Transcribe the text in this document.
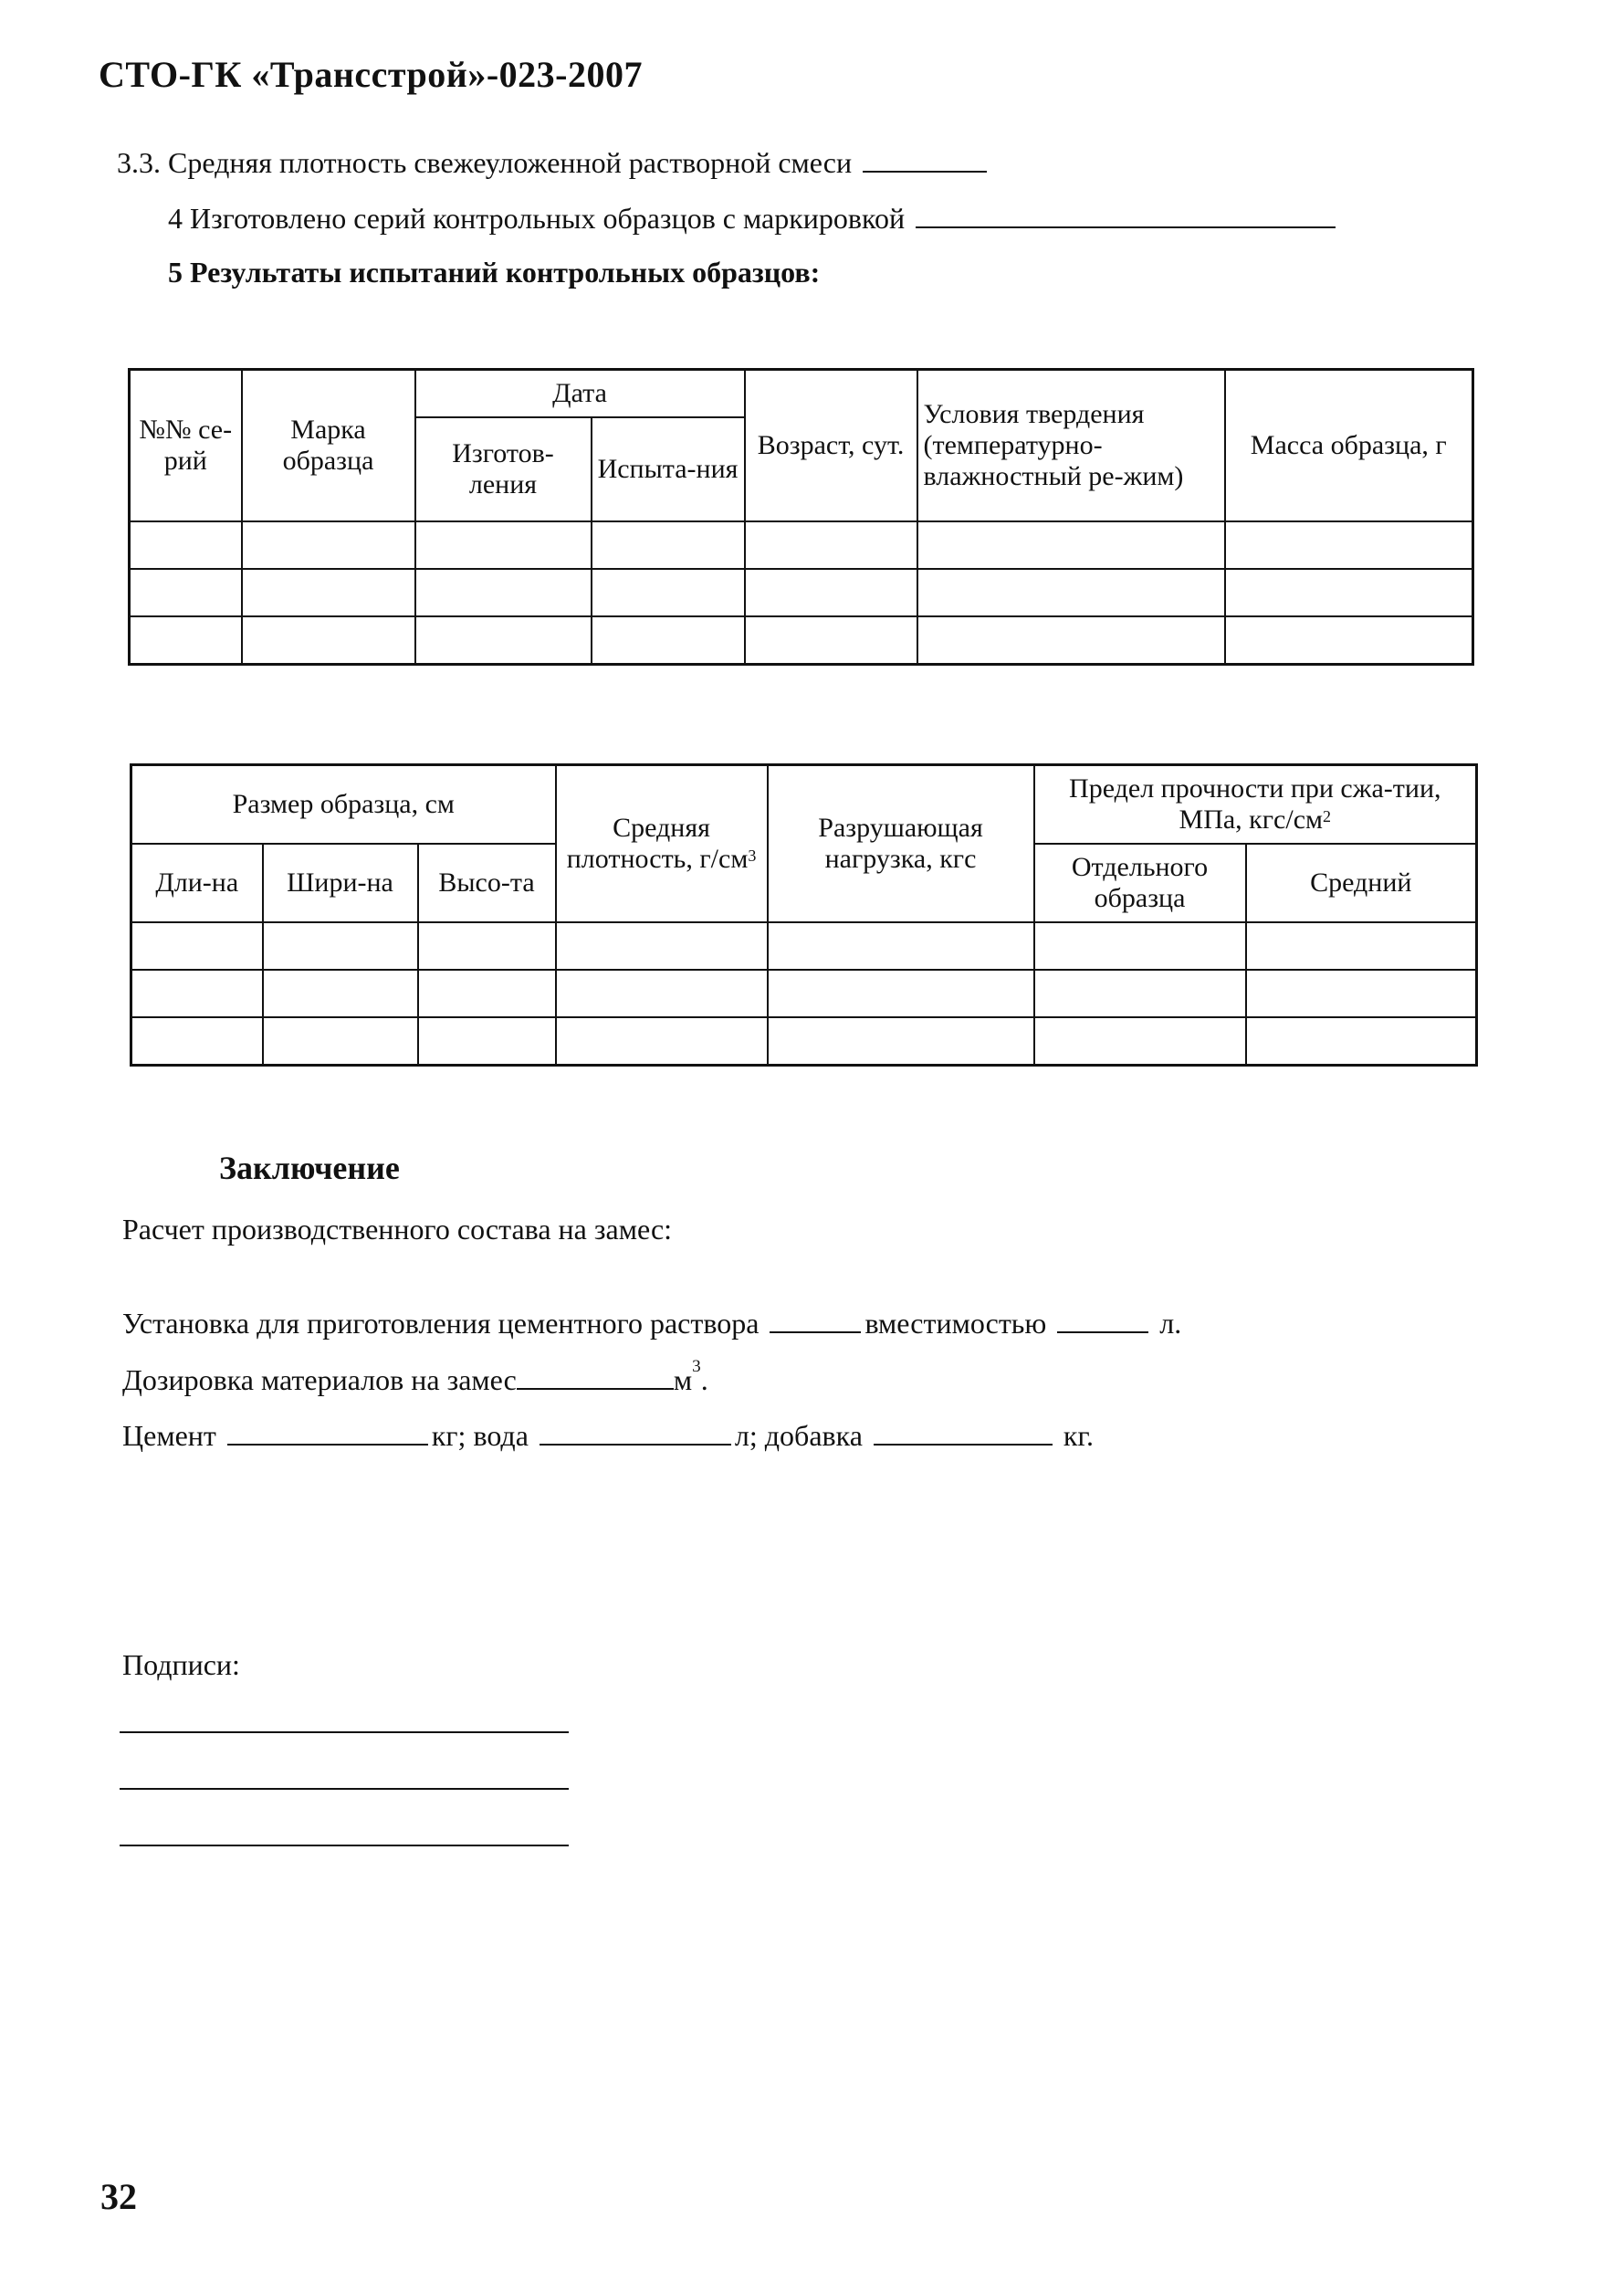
СТО-ГК «Трансстрой»-023-2007
3.3. Средняя плотность свежеуложенной растворной смеси
4 Изготовлено серий контрольных образцов с маркировкой
5 Результаты испытаний контрольных образцов:
№№ се-рий	Марка образца	Дата		Возраст, сут.	Условия твердения (температурно-влажностный ре-жим)	Масса образца, г
		Изготов-ления	Испыта-ния			

Размер образца, см			Средняя плотность, $г/см^3$	Разрушающая нагрузка, кгс	Предел прочности при сжа-тии, МПа, кгс/$см^2$
Дли-на	Шири-на	Высо-та			Отдельного образца	Средний

Заключение
Расчет производственного состава на замес:
Установка для приготовления цементного раствора	вместимостью	л.
Дозировка материалов на замес	$м^3$.
Цемент	кг; вода	л; добавка	кг.
Подписи:
32
